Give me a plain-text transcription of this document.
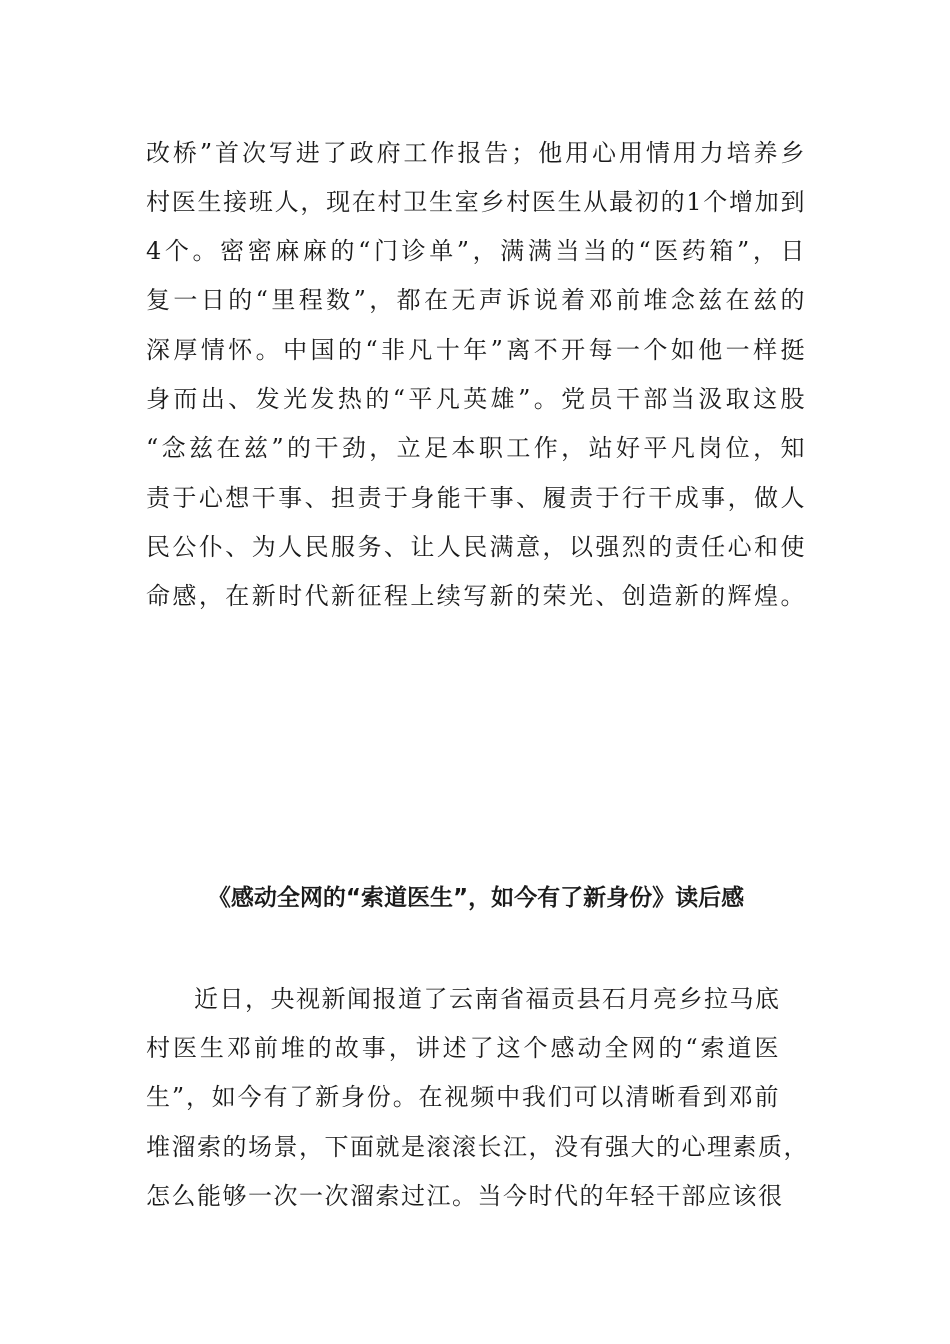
改桥”首次写进了政府工作报告；他用心用情用力培养乡
村医生接班人，现在村卫生室乡村医生从最初的1个增加到
4个。密密麻麻的“门诊单”，满满当当的“医药箱”，日
复一日的“里程数”，都在无声诉说着邓前堆念兹在兹的
深厚情怀。中国的“非凡十年”离不开每一个如他一样挺
身而出、发光发热的“平凡英雄”。党员干部当汲取这股
“念兹在兹”的干劲，立足本职工作，站好平凡岗位，知
责于心想干事、担责于身能干事、履责于行干成事，做人
民公仆、为人民服务、让人民满意，以强烈的责任心和使
命感，在新时代新征程上续写新的荣光、创造新的辉煌。
《感动全网的“索道医生”，如今有了新身份》读后感
近日，央视新闻报道了云南省福贡县石月亮乡拉马底
村医生邓前堆的故事，讲述了这个感动全网的“索道医
生”，如今有了新身份。在视频中我们可以清晰看到邓前
堆溜索的场景，下面就是滚滚长江，没有强大的心理素质，
怎么能够一次一次溜索过江。当今时代的年轻干部应该很
